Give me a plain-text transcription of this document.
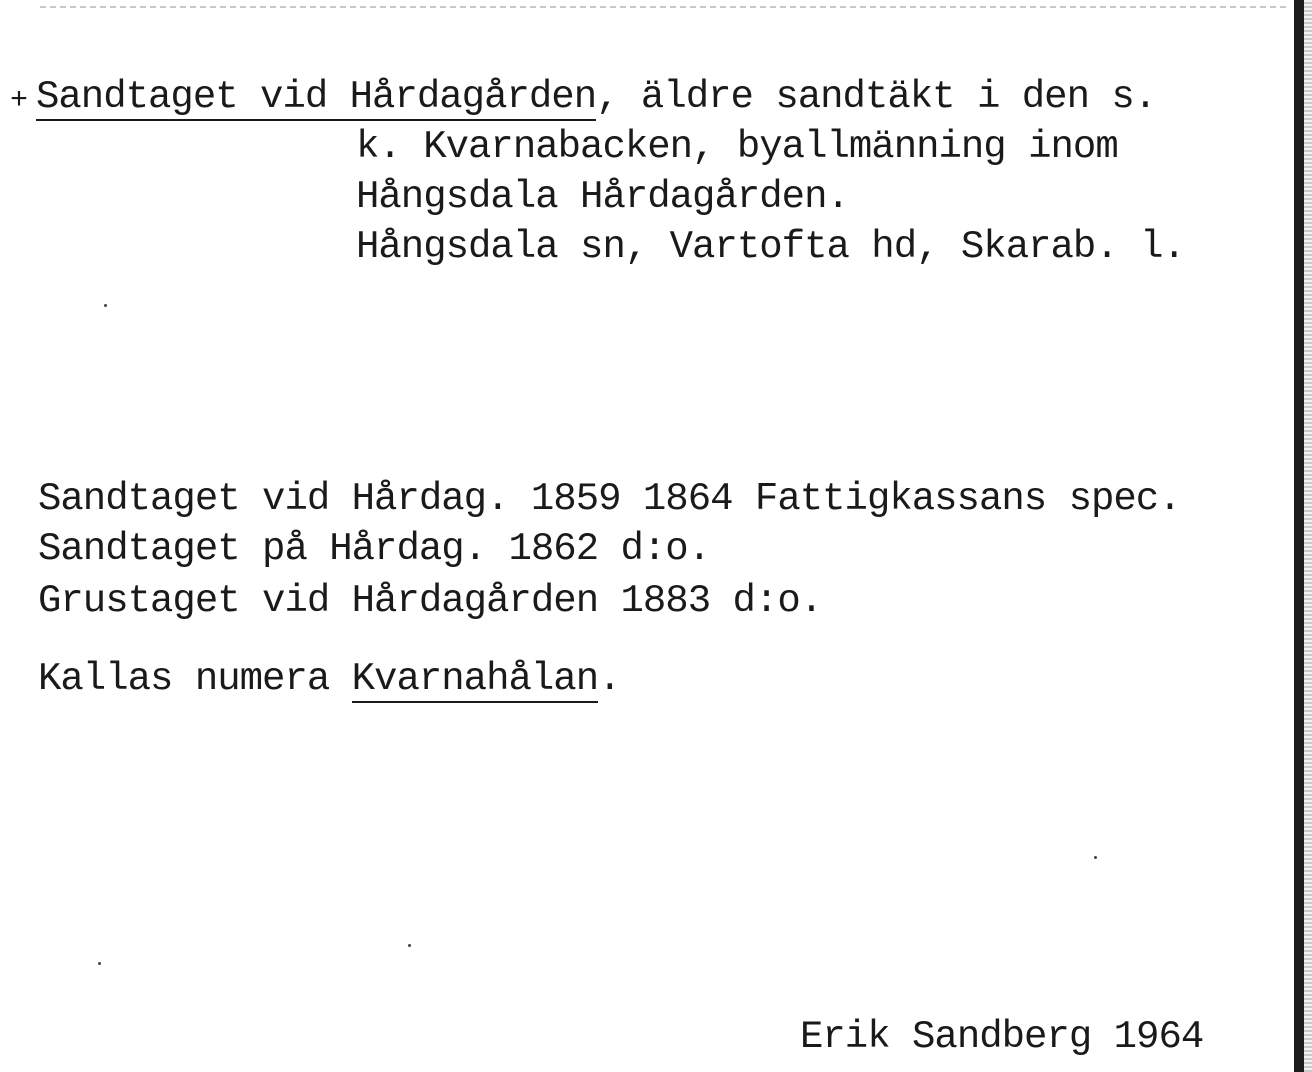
+ Sandtaget vid Hårdagården, äldre sandtäkt i den s.
k. Kvarnabacken, byallmänning inom
Hångsdala Hårdagården.
Hångsdala sn, Vartofta hd, Skarab. l.
Sandtaget vid Hårdag. 1859 1864 Fattigkassans spec.
Sandtaget på Hårdag. 1862 d:o.
Grustaget vid Hårdagården 1883 d:o.
Kallas numera Kvarnahålan.
Erik Sandberg 1964
